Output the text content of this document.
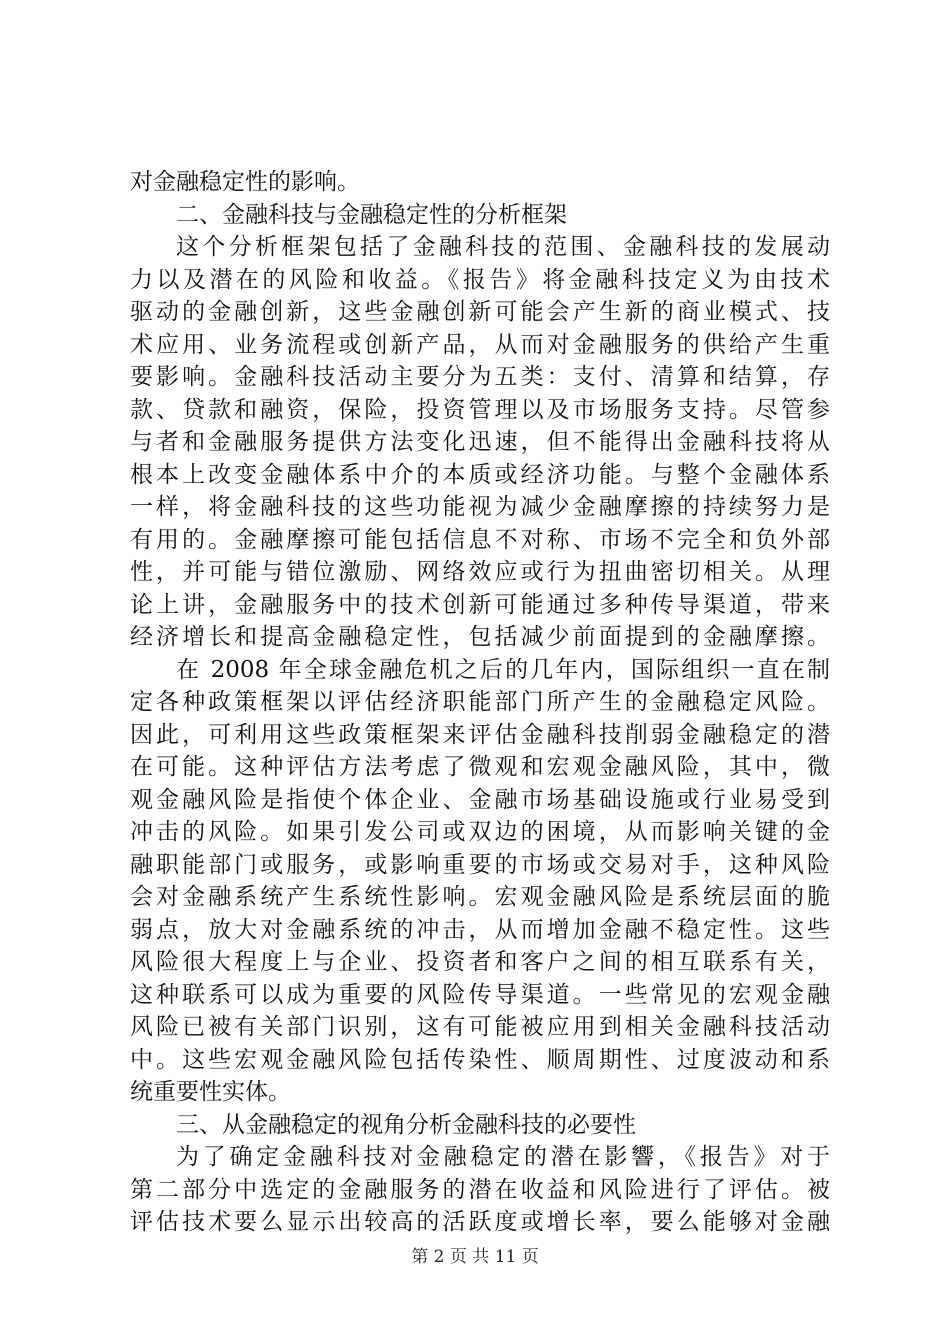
对金融稳定性的影响。
二、金融科技与金融稳定性的分析框架
这个分析框架包括了金融科技的范围、金融科技的发展动
力以及潜在的风险和收益。《报告》将金融科技定义为由技术
驱动的金融创新，这些金融创新可能会产生新的商业模式、技
术应用、业务流程或创新产品，从而对金融服务的供给产生重
要影响。金融科技活动主要分为五类：支付、清算和结算，存
款、贷款和融资，保险，投资管理以及市场服务支持。尽管参
与者和金融服务提供方法变化迅速，但不能得出金融科技将从
根本上改变金融体系中介的本质或经济功能。与整个金融体系
一样，将金融科技的这些功能视为减少金融摩擦的持续努力是
有用的。金融摩擦可能包括信息不对称、市场不完全和负外部
性，并可能与错位激励、网络效应或行为扭曲密切相关。从理
论上讲，金融服务中的技术创新可能通过多种传导渠道，带来
经济增长和提高金融稳定性，包括减少前面提到的金融摩擦。
在 2008 年全球金融危机之后的几年内，国际组织一直在制
定各种政策框架以评估经济职能部门所产生的金融稳定风险。
因此，可利用这些政策框架来评估金融科技削弱金融稳定的潜
在可能。这种评估方法考虑了微观和宏观金融风险，其中，微
观金融风险是指使个体企业、金融市场基础设施或行业易受到
冲击的风险。如果引发公司或双边的困境，从而影响关键的金
融职能部门或服务，或影响重要的市场或交易对手，这种风险
会对金融系统产生系统性影响。宏观金融风险是系统层面的脆
弱点，放大对金融系统的冲击，从而增加金融不稳定性。这些
风险很大程度上与企业、投资者和客户之间的相互联系有关，
这种联系可以成为重要的风险传导渠道。一些常见的宏观金融
风险已被有关部门识别，这有可能被应用到相关金融科技活动
中。这些宏观金融风险包括传染性、顺周期性、过度波动和系
统重要性实体。
三、从金融稳定的视角分析金融科技的必要性
为了确定金融科技对金融稳定的潜在影響，《报告》对于
第二部分中选定的金融服务的潜在收益和风险进行了评估。被
评估技术要么显示出较高的活跃度或增长率，要么能够对金融
第 2 页 共 11 页
